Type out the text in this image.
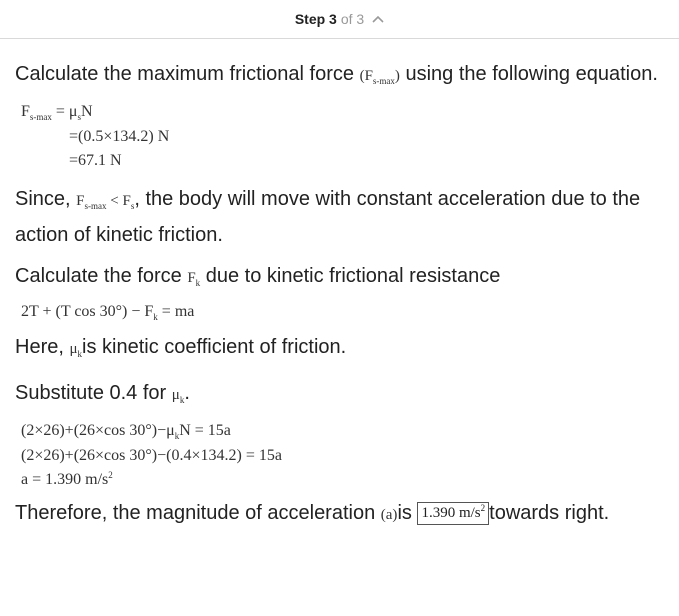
Step 3 of 3

Calculate the maximum frictional force $(F_{s-max})$ using the following equation.

$F_{s-max} = \mu_sN$
=(0.5×134.2) N
=67.1 N

Since, $F_{s-max} < F_s$, the body will move with constant acceleration due to the action of kinetic friction.

Calculate the force $F_k$ due to kinetic frictional resistance

2T + (T $\cos 30^\circ) - F_k$ = ma

Here, $\mu_kis$ kinetic coefficient of friction.

Substitute 0.4 for $\mu_k$.

(2×26)+(26×cos $30^\circ)-\mu_kN = 15a$
(2×26)+(26×cos 30°)−(0.4×134.2) = 15a
a = 1.390 $m/s^2$

Therefore, the magnitude of acceleration (a)is 1.390 $m/s^2$ towards right.
